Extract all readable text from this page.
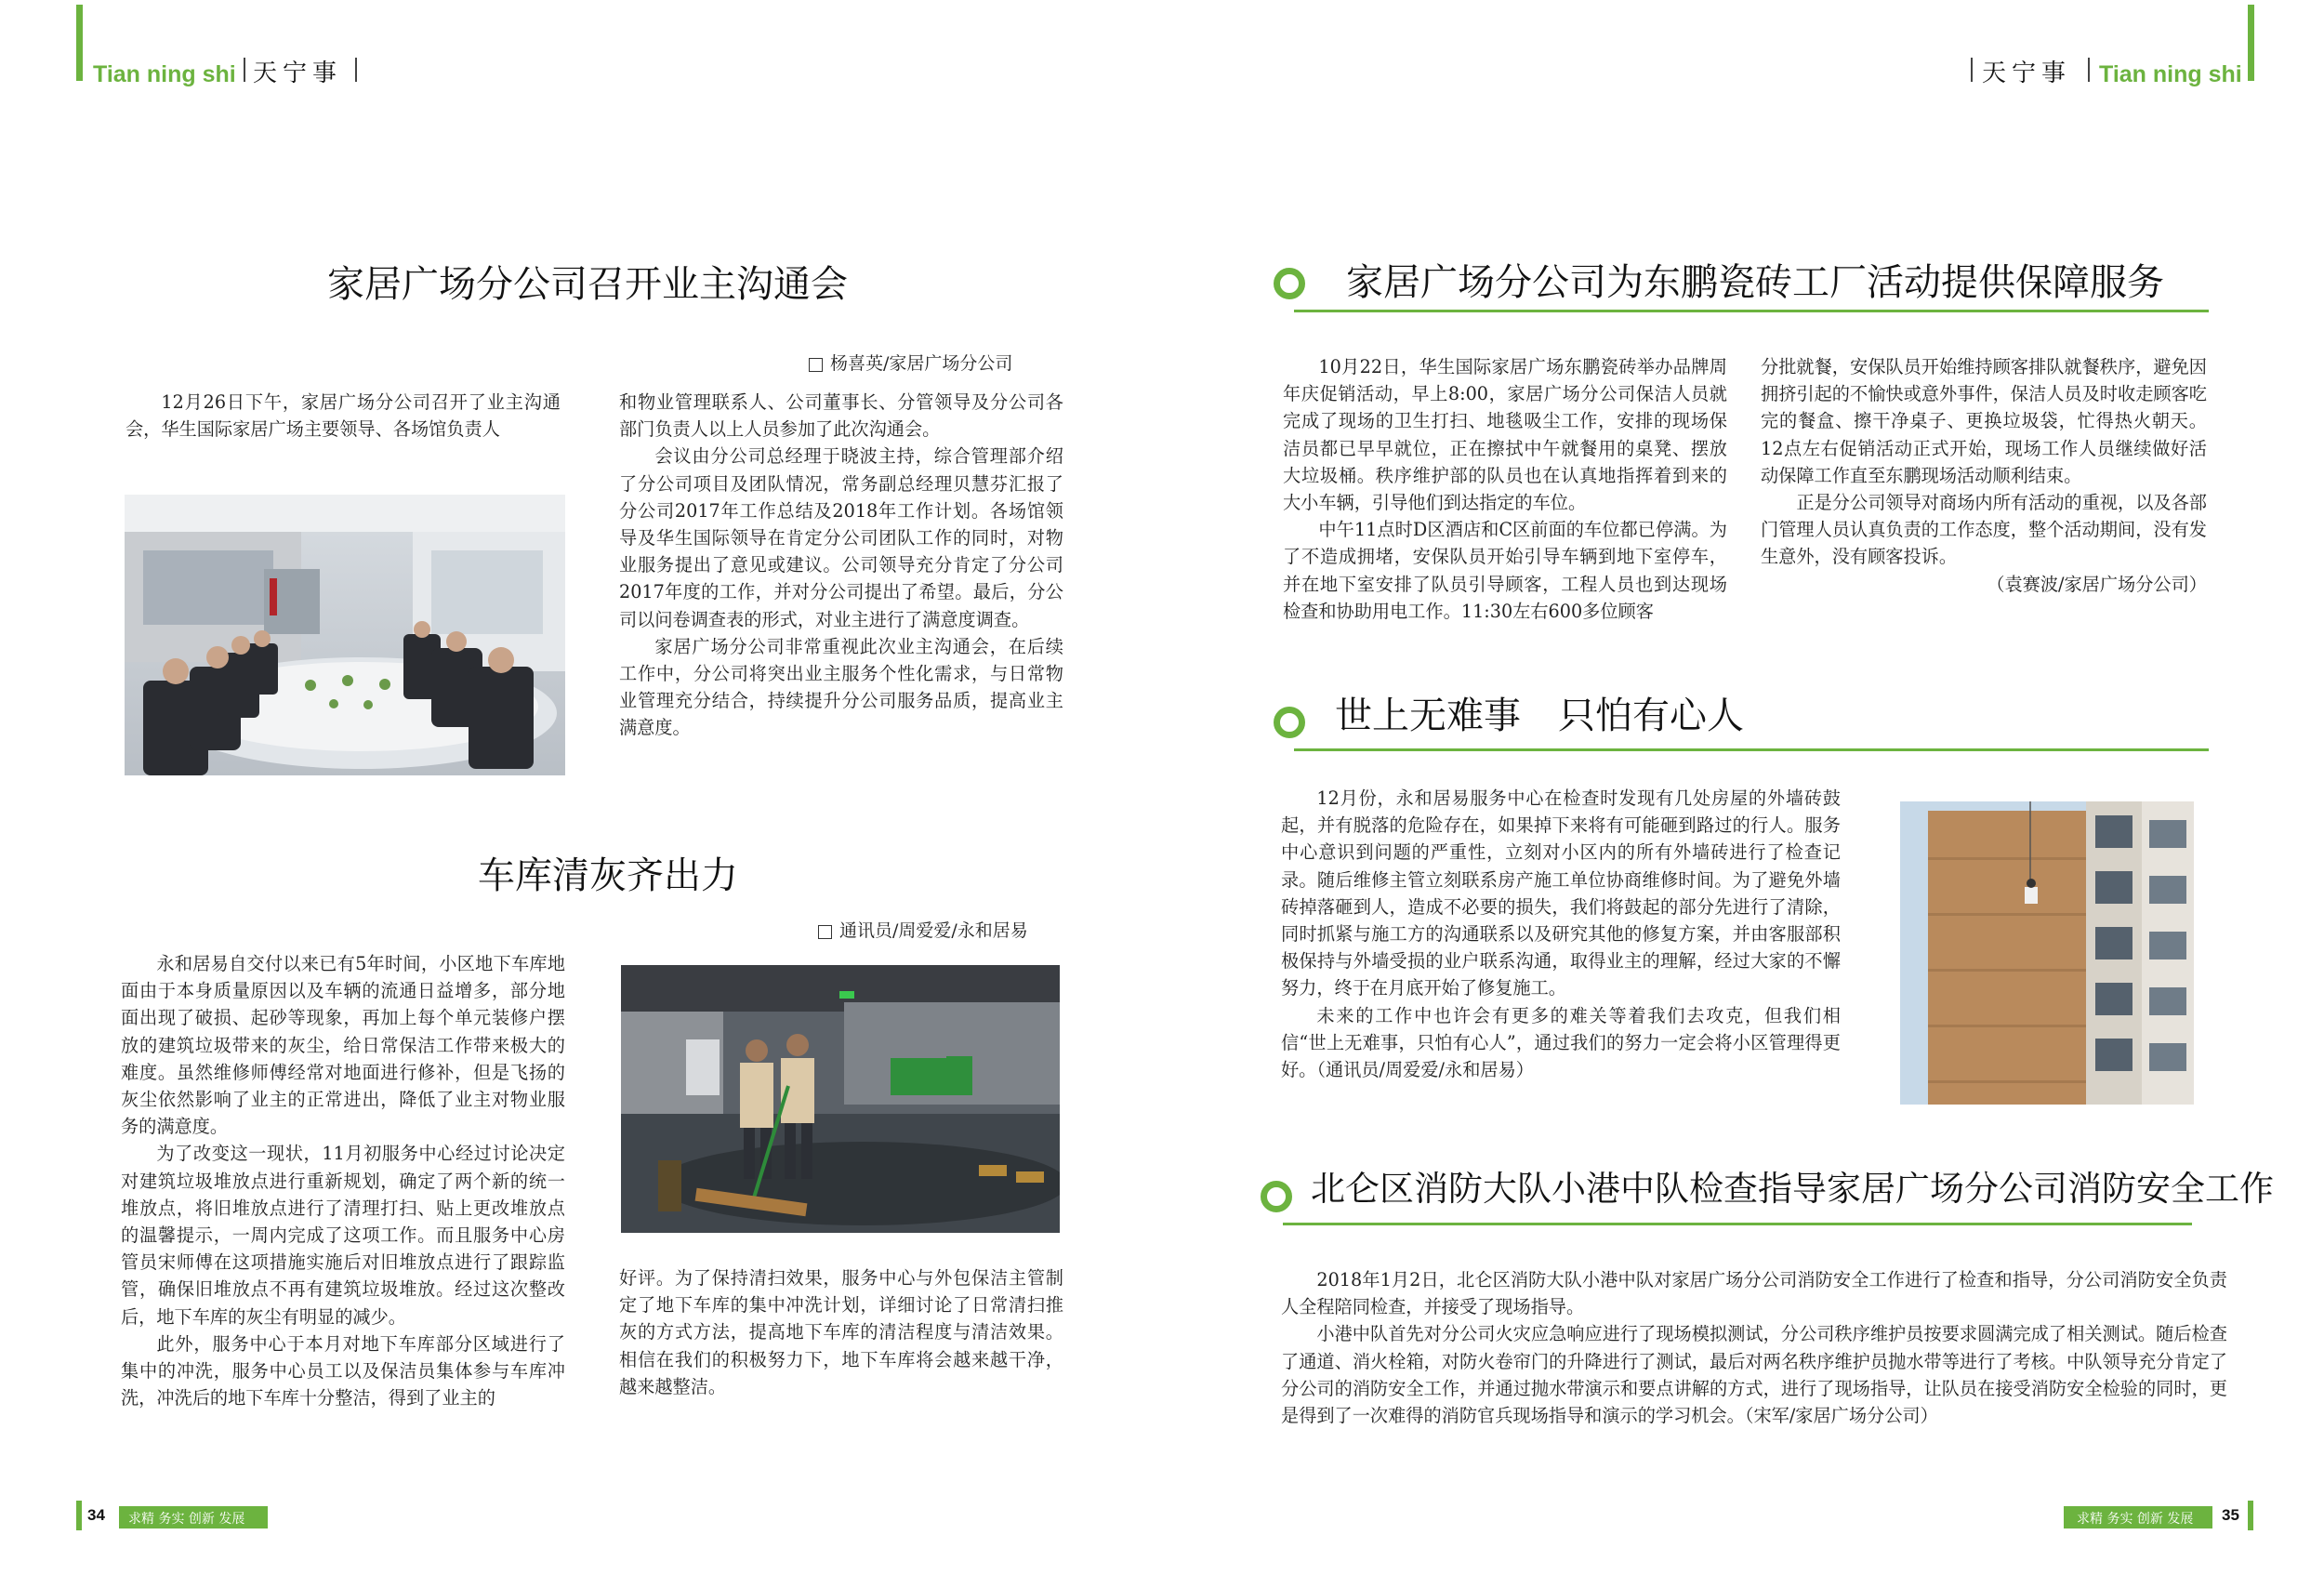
Tian ning shi 天宁事	天宁事 Tian ning shi
家居广场分公司召开业主沟通会
杨喜英/家居广场分公司

12月26日下午，家居广场分公司召开了业主沟通会，华生国际家居广场主要领导、各场馆负责人

和物业管理联系人、公司董事长、分管领导及分公司各部门负责人以上人员参加了此次沟通会。

会议由分公司总经理于晓波主持，综合管理部介绍了分公司项目及团队情况，常务副总经理贝慧芬汇报了分公司2017年工作总结及2018年工作计划。各场馆领导及华生国际领导在肯定分公司团队工作的同时，对物业服务提出了意见或建议。公司领导充分肯定了分公司2017年度的工作，并对分公司提出了希望。最后，分公司以问卷调查表的形式，对业主进行了满意度调查。

家居广场分公司非常重视此次业主沟通会，在后续工作中，分公司将突出业主服务个性化需求，与日常物业管理充分结合，持续提升分公司服务品质，提高业主满意度。

车库清灰齐出力
通讯员/周爱爱/永和居易

永和居易自交付以来已有5年时间，小区地下车库地面由于本身质量原因以及车辆的流通日益增多，部分地面出现了破损、起砂等现象，再加上每个单元装修户摆放的建筑垃圾带来的灰尘，给日常保洁工作带来极大的难度。虽然维修师傅经常对地面进行修补，但是飞扬的灰尘依然影响了业主的正常进出，降低了业主对物业服务的满意度。

为了改变这一现状，11月初服务中心经过讨论决定对建筑垃圾堆放点进行重新规划，确定了两个新的统一堆放点，将旧堆放点进行了清理打扫、贴上更改堆放点的温馨提示，一周内完成了这项工作。而且服务中心房管员宋师傅在这项措施实施后对旧堆放点进行了跟踪监管，确保旧堆放点不再有建筑垃圾堆放。经过这次整改后，地下车库的灰尘有明显的减少。

此外，服务中心于本月对地下车库部分区域进行了集中的冲洗，服务中心员工以及保洁员集体参与车库冲洗，冲洗后的地下车库十分整洁，得到了业主的

好评。为了保持清扫效果，服务中心与外包保洁主管制定了地下车库的集中冲洗计划，详细讨论了日常清扫推灰的方式方法，提高地下车库的清洁程度与清洁效果。相信在我们的积极努力下，地下车库将会越来越干净，越来越整洁。

家居广场分公司为东鹏瓷砖工厂活动提供保障服务

10月22日，华生国际家居广场东鹏瓷砖举办品牌周年庆促销活动，早上8:00，家居广场分公司保洁人员就完成了现场的卫生打扫、地毯吸尘工作，安排的现场保洁员都已早早就位，正在擦拭中午就餐用的桌凳、摆放大垃圾桶。秩序维护部的队员也在认真地指挥着到来的大小车辆，引导他们到达指定的车位。

中午11点时D区酒店和C区前面的车位都已停满。为了不造成拥堵，安保队员开始引导车辆到地下室停车，并在地下室安排了队员引导顾客，工程人员也到达现场检查和协助用电工作。11:30左右600多位顾客

分批就餐，安保队员开始维持顾客排队就餐秩序，避免因拥挤引起的不愉快或意外事件，保洁人员及时收走顾客吃完的餐盒、擦干净桌子、更换垃圾袋，忙得热火朝天。12点左右促销活动正式开始，现场工作人员继续做好活动保障工作直至东鹏现场活动顺利结束。

正是分公司领导对商场内所有活动的重视，以及各部门管理人员认真负责的工作态度，整个活动期间，没有发生意外，没有顾客投诉。

（袁赛波/家居广场分公司）

世上无难事　只怕有心人

12月份，永和居易服务中心在检查时发现有几处房屋的外墙砖鼓起，并有脱落的危险存在，如果掉下来将有可能砸到路过的行人。服务中心意识到问题的严重性，立刻对小区内的所有外墙砖进行了检查记录。随后维修主管立刻联系房产施工单位协商维修时间。为了避免外墙砖掉落砸到人，造成不必要的损失，我们将鼓起的部分先进行了清除，同时抓紧与施工方的沟通联系以及研究其他的修复方案，并由客服部积极保持与外墙受损的业户联系沟通，取得业主的理解，经过大家的不懈努力，终于在月底开始了修复施工。

未来的工作中也许会有更多的难关等着我们去攻克，但我们相信“世上无难事，只怕有心人”，通过我们的努力一定会将小区管理得更好。（通讯员/周爱爱/永和居易）

北仑区消防大队小港中队检查指导家居广场分公司消防安全工作

2018年1月2日，北仑区消防大队小港中队对家居广场分公司消防安全工作进行了检查和指导，分公司消防安全负责人全程陪同检查，并接受了现场指导。

小港中队首先对分公司火灾应急响应进行了现场模拟测试，分公司秩序维护员按要求圆满完成了相关测试。随后检查了通道、消火栓箱，对防火卷帘门的升降进行了测试，最后对两名秩序维护员抛水带等进行了考核。中队领导充分肯定了分公司的消防安全工作，并通过抛水带演示和要点讲解的方式，进行了现场指导，让队员在接受消防安全检验的同时，更是得到了一次难得的消防官兵现场指导和演示的学习机会。（宋军/家居广场分公司）

34 求精 务实 创新 发展	求精 务实 创新 发展 35
